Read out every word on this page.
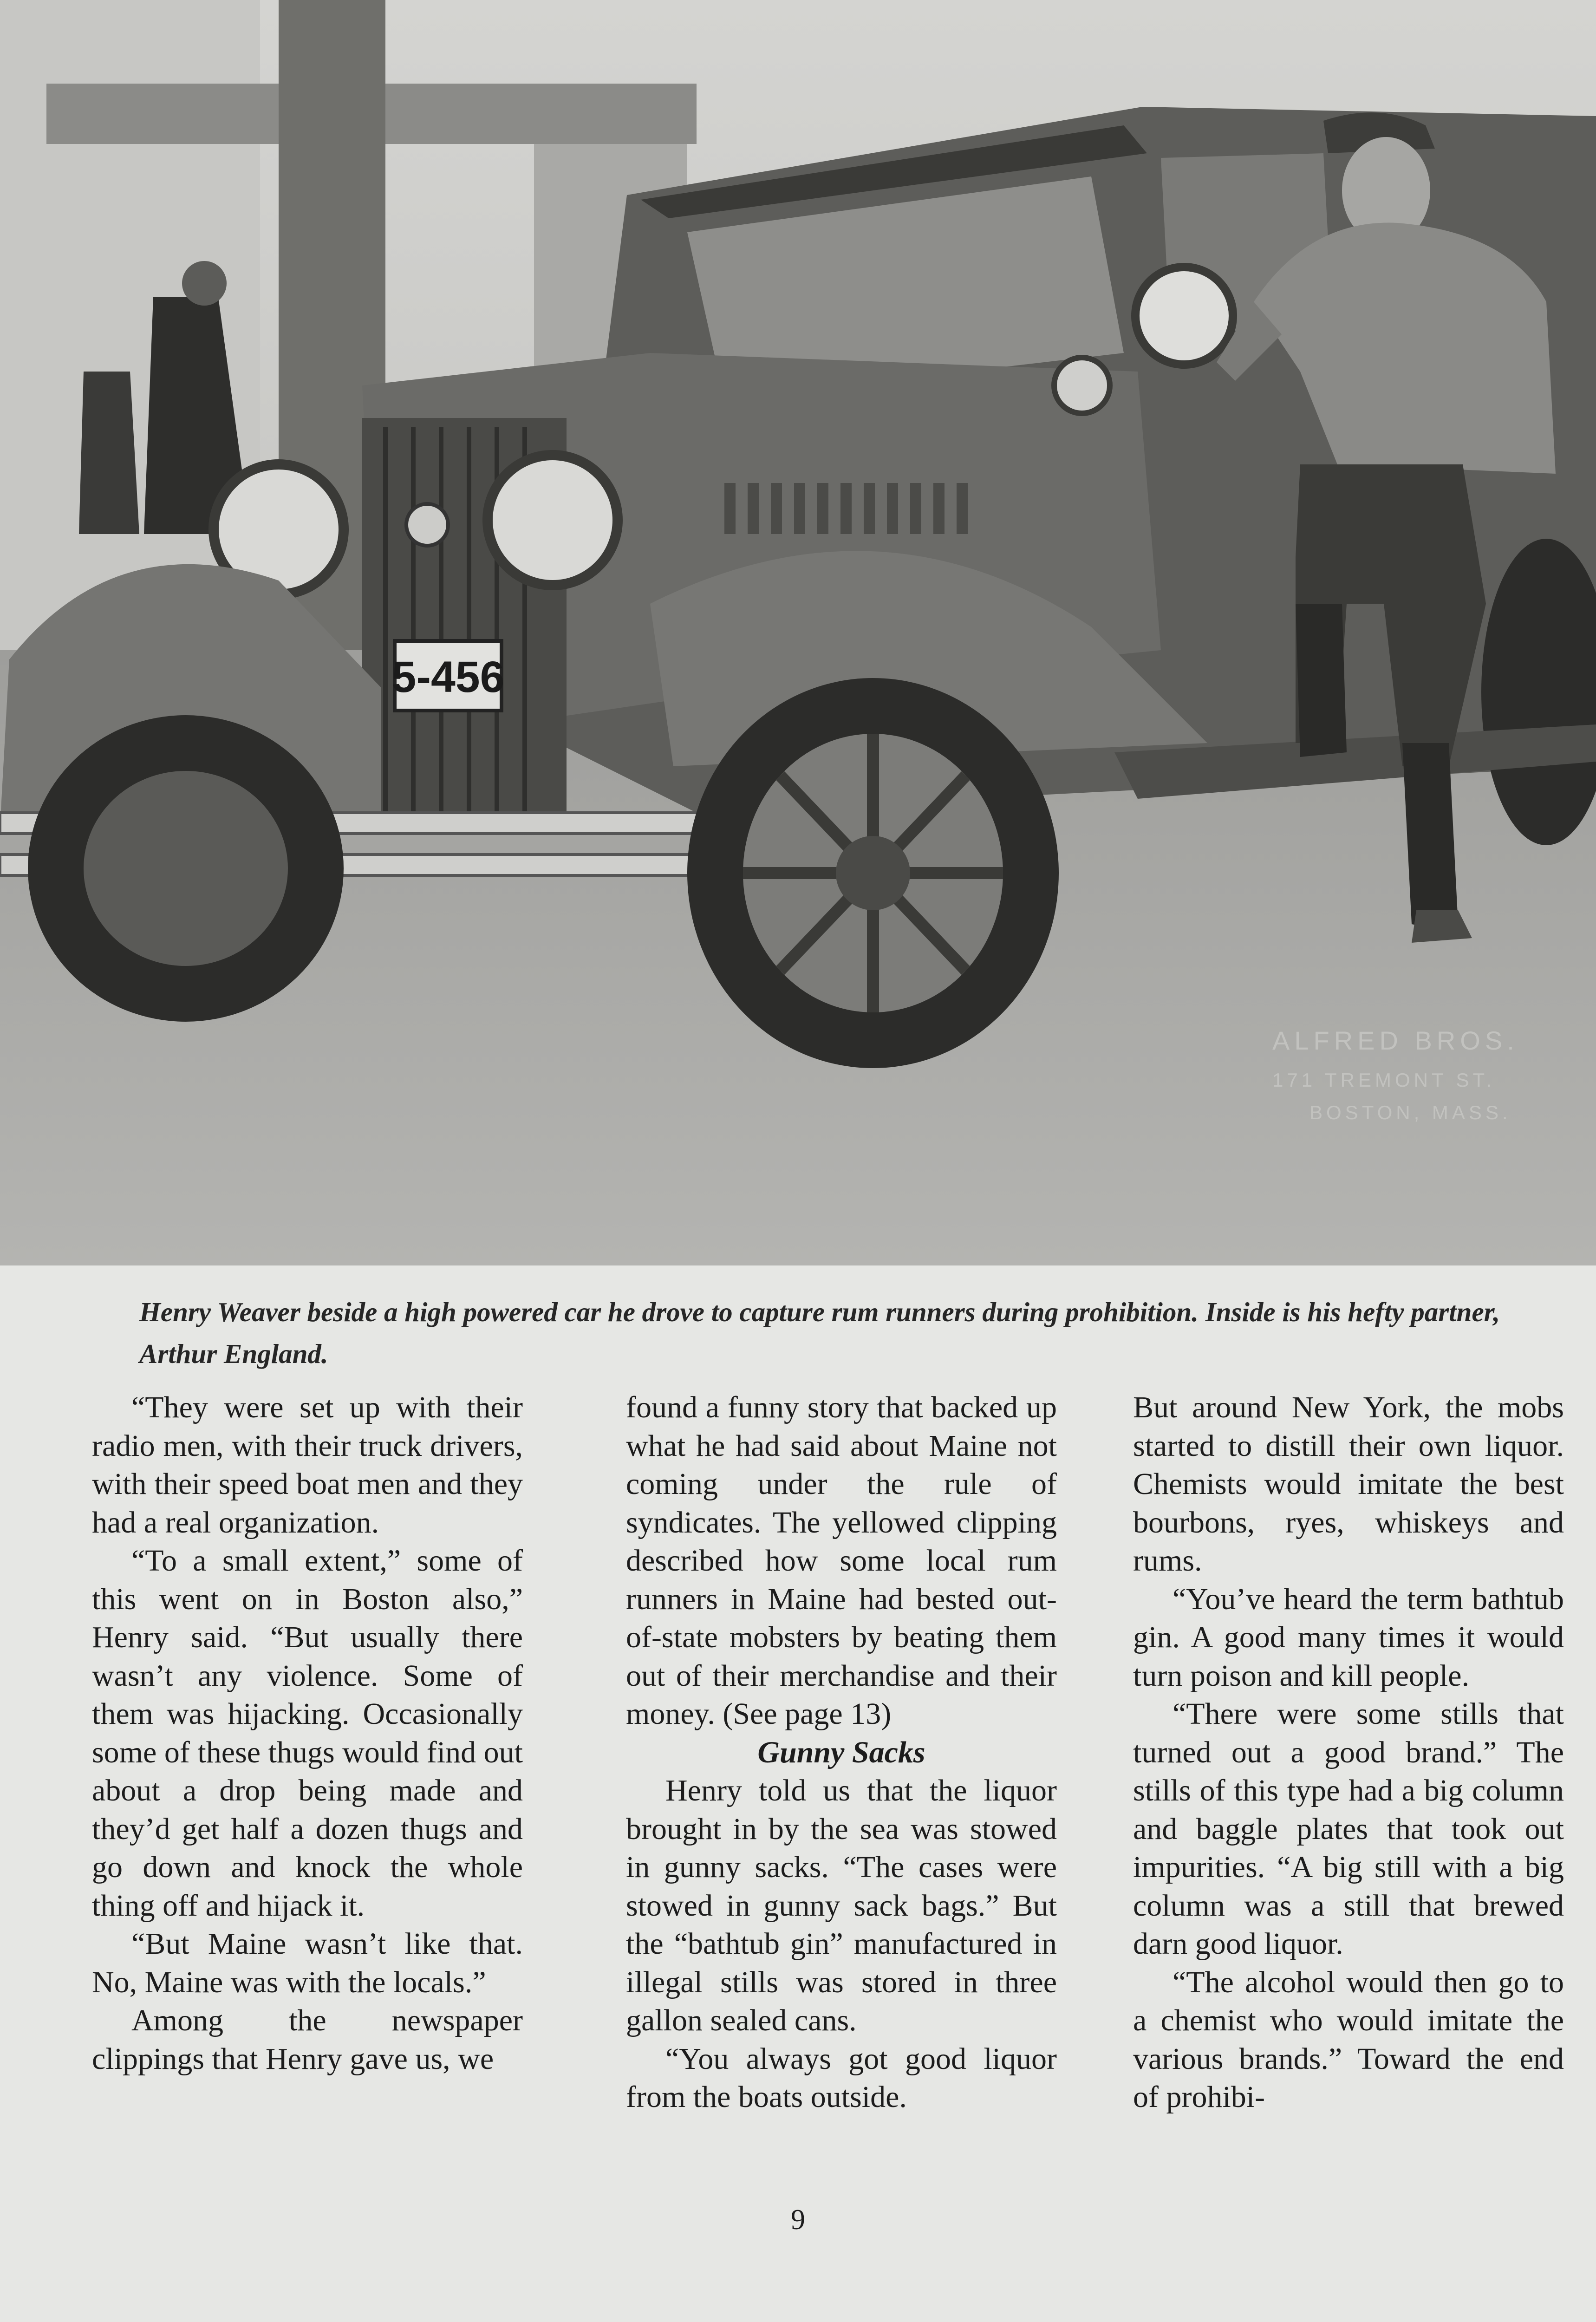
5-456
ALFRED BROS.
171 TREMONT ST.
BOSTON, MASS.
Henry Weaver beside a high powered car he drove to capture rum runners during prohibition. Inside is his hefty partner, Arthur England.

“They were set up with their radio men, with their truck drivers, with their speed boat men and they had a real organization.

“To a small extent,” some of this went on in Boston also,” Henry said. “But usually there wasn’t any violence. Some of them was hijacking. Occasionally some of these thugs would find out about a drop being made and they’d get half a dozen thugs and go down and knock the whole thing off and hijack it.

“But Maine wasn’t like that. No, Maine was with the locals.”

Among the newspaper clippings that Henry gave us, we

found a funny story that backed up what he had said about Maine not coming under the rule of syndicates. The yellowed clipping described how some local rum runners in Maine had bested out-of-state mobsters by beating them out of their merchandise and their money. (See page 13)

Gunny Sacks

Henry told us that the liquor brought in by the sea was stowed in gunny sacks. “The cases were stowed in gunny sack bags.” But the “bathtub gin” manufactured in illegal stills was stored in three gallon sealed cans.

“You always got good liquor from the boats outside.

But around New York, the mobs started to distill their own liquor. Chemists would imitate the best bourbons, ryes, whiskeys and rums.

“You’ve heard the term bathtub gin. A good many times it would turn poison and kill people.

“There were some stills that turned out a good brand.” The stills of this type had a big column and baggle plates that took out impurities. “A big still with a big column was a still that brewed darn good liquor.

“The alcohol would then go to a chemist who would imitate the various brands.” Toward the end of prohibi-

9
